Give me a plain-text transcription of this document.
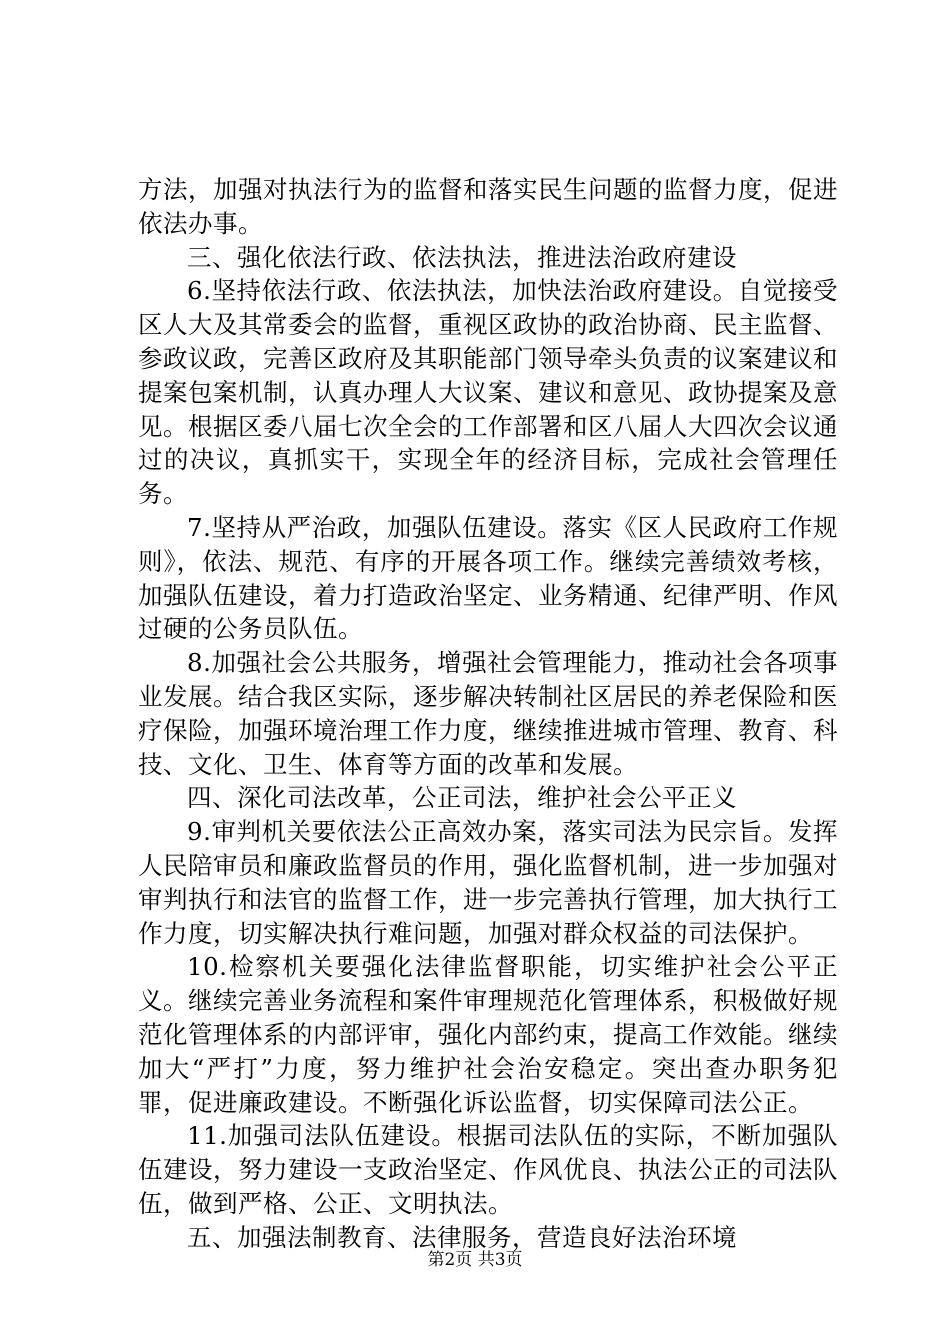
方法，加强对执法行为的监督和落实民生问题的监督力度，促进依法办事。

三、强化依法行政、依法执法，推进法治政府建设

6.坚持依法行政、依法执法，加快法治政府建设。自觉接受区人大及其常委会的监督，重视区政协的政治协商、民主监督、参政议政，完善区政府及其职能部门领导牵头负责的议案建议和提案包案机制，认真办理人大议案、建议和意见、政协提案及意见。根据区委八届七次全会的工作部署和区八届人大四次会议通过的决议，真抓实干，实现全年的经济目标，完成社会管理任务。

7.坚持从严治政，加强队伍建设。落实《区人民政府工作规则》，依法、规范、有序的开展各项工作。继续完善绩效考核，加强队伍建设，着力打造政治坚定、业务精通、纪律严明、作风过硬的公务员队伍。

8.加强社会公共服务，增强社会管理能力，推动社会各项事业发展。结合我区实际，逐步解决转制社区居民的养老保险和医疗保险，加强环境治理工作力度，继续推进城市管理、教育、科技、文化、卫生、体育等方面的改革和发展。

四、深化司法改革，公正司法，维护社会公平正义

9.审判机关要依法公正高效办案，落实司法为民宗旨。发挥人民陪审员和廉政监督员的作用，强化监督机制，进一步加强对审判执行和法官的监督工作，进一步完善执行管理，加大执行工作力度，切实解决执行难问题，加强对群众权益的司法保护。

10.检察机关要强化法律监督职能，切实维护社会公平正义。继续完善业务流程和案件审理规范化管理体系，积极做好规范化管理体系的内部评审，强化内部约束，提高工作效能。继续加大“严打”力度，努力维护社会治安稳定。突出查办职务犯罪，促进廉政建设。不断强化诉讼监督，切实保障司法公正。

11.加强司法队伍建设。根据司法队伍的实际，不断加强队伍建设，努力建设一支政治坚定、作风优良、执法公正的司法队伍，做到严格、公正、文明执法。

五、加强法制教育、法律服务，营造良好法治环境

第2页 共3页
